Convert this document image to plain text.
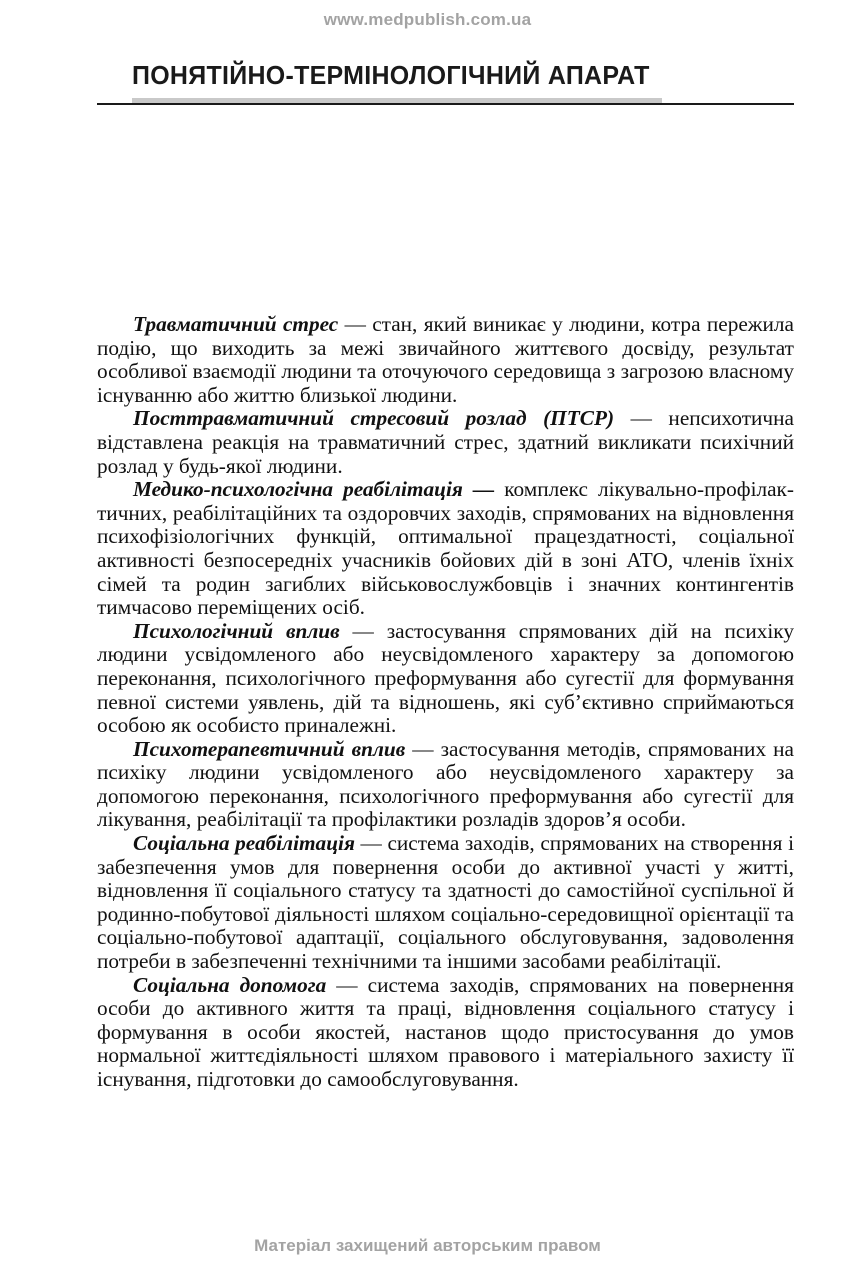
www.medpublish.com.ua
ПОНЯТІЙНО-ТЕРМІНОЛОГІЧНИЙ АПАРАТ

Травматичний стрес — стан, який виникає у людини, котра пережила подію, що виходить за межі звичайного життєвого досвіду, результат особливої взаємодії людини та оточуючого середовища з загрозою власному існуванню або життю близької людини.

Посттравматичний стресовий розлад (ПТСР) — непсихотична відставлена реакція на травматичний стрес, здатний викликати психічний розлад у будь-якої людини.

Медико-психологічна реабілітація — комплекс лікувально-профілактичних, реабілітаційних та оздоровчих заходів, спрямованих на відновлення психофізіологічних функцій, оптимальної працездатності, соціальної активності безпосередніх учасників бойових дій в зоні АТО, членів їхніх сімей та родин загиблих військовослужбовців і значних контингентів тимчасово переміщених осіб.

Психологічний вплив — застосування спрямованих дій на психіку людини усвідомленого або неусвідомленого характеру за допомогою переконання, психологічного преформування або сугестії для формування певної системи уявлень, дій та відношень, які суб’єктивно сприймаються особою як особисто приналежні.

Психотерапевтичний вплив — застосування методів, спрямованих на психіку людини усвідомленого або неусвідомленого характеру за допомогою переконання, психологічного преформування або сугестії для лікування, реабілітації та профілактики розладів здоров’я особи.

Соціальна реабілітація — система заходів, спрямованих на створення і забезпечення умов для повернення особи до активної участі у житті, відновлення її соціального статусу та здатності до самостійної суспільної й родинно-побутової діяльності шляхом соціально-середовищної орієнтації та соціально-побутової адаптації, соціального обслуговування, задоволення потреби в забезпеченні технічними та іншими засобами реабілітації.

Соціальна допомога — система заходів, спрямованих на повернення особи до активного життя та праці, відновлення соціального статусу і формування в особи якостей, настанов щодо пристосування до умов нормальної життєдіяльності шляхом правового і матеріального захисту її існування, підготовки до самообслуговування.

Матеріал захищений авторським правом
